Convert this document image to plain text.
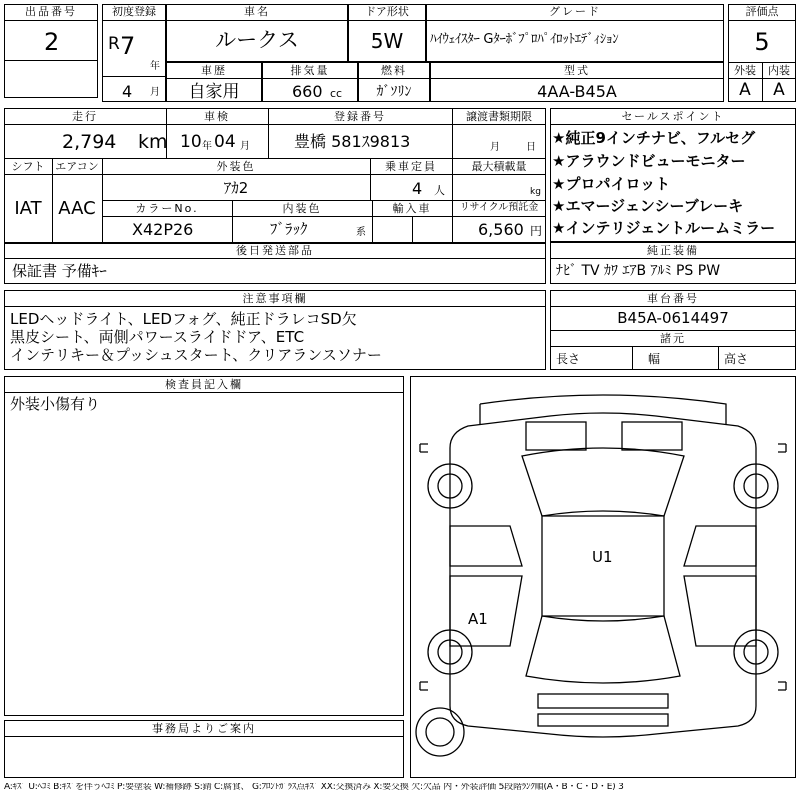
出品番号
2
初度登録
R 7
年
4 月
車名
ルークス
ドア形状
5W
グレード
ﾊｲｳｪｲｽﾀｰ Gﾀｰﾎﾞﾌﾟﾛﾊﾟｲﾛｯﾄｴﾃﾞｨｼｮﾝ
評価点
5
外装	内装
A	A
車歴
自家用
排気量
660 cc
燃料
ｶﾞｿﾘﾝ
型式
4AA-B45A
走行
2,794 km
車検
10 年 04 月
登録番号
豊橋 581ｽ9813
譲渡書類期限
月	日
シフト
IAT
エアコン
AAC
外装色
ｱｶ2
乗車定員
4 人
最大積載量
kg
カラーNo.
X42P26
内装色
ﾌﾞﾗｯｸ	系
輸入車	リサイクル預託金
6,560 円
セールスポイント
★純正9インチナビ、フルセグ
★アラウンドビューモニター
★プロパイロット
★エマージェンシーブレーキ
★インテリジェントルームミラー
後日発送部品
保証書 予備ｷｰ
純正装備
ﾅﾋﾞ TV ｶﾜ ｴｱB ｱﾙﾐ PS PW
注意事項欄
LEDヘッドライト、LEDフォグ、純正ドラレコSD欠
黒皮シート、両側パワースライドドア、ETC
インテリキー＆プッシュスタート、クリアランスソナー
車台番号
B45A-0614497
諸元
長さ	幅	高さ
検査員記入欄
外装小傷有り
事務局よりご案内
U1
A1
A:ｷｽﾞ U:ﾍｺﾐ B:ｷｽﾞを伴うﾍｺﾐ P:要塗装 W:補修跡 S:錆 C:腐食、 G:ﾌﾛﾝﾄｶﾞﾗｽ点ｷｽﾞ XX:交換済み X:要交換 欠:欠品 内・外装評価 5段階ﾗﾝｸ順(A・B・C・D・E) 3
